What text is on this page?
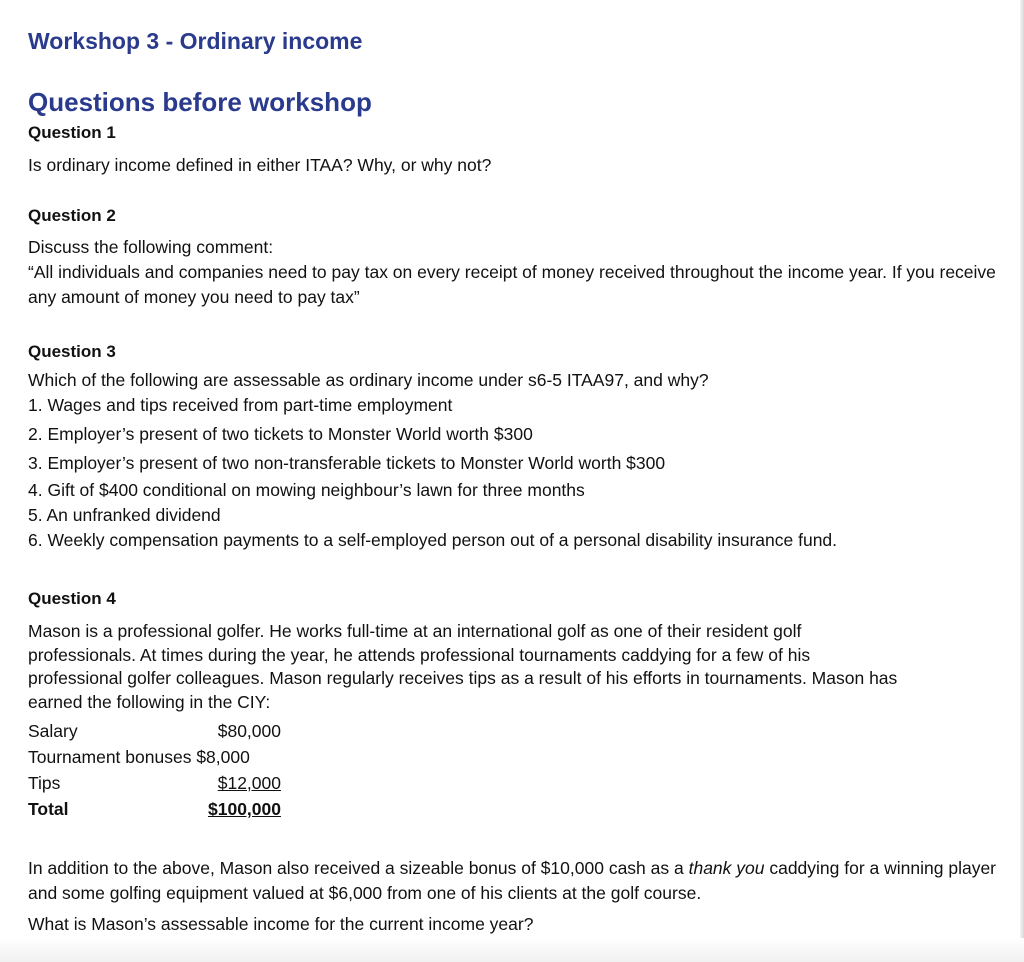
Workshop 3 - Ordinary income
Questions before workshop
Question 1

Is ordinary income defined in either ITAA? Why, or why not?

Question 2

Discuss the following comment:

“All individuals and companies need to pay tax on every receipt of money received throughout the income year. If you receive any amount of money you need to pay tax”

Question 3

Which of the following are assessable as ordinary income under s6-5 ITAA97, and why?

1. Wages and tips received from part-time employment
2. Employer’s present of two tickets to Monster World worth $300
3. Employer’s present of two non-transferable tickets to Monster World worth $300
4. Gift of $400 conditional on mowing neighbour’s lawn for three months
5. An unfranked dividend
6. Weekly compensation payments to a self-employed person out of a personal disability insurance fund.
Question 4

Mason is a professional golfer. He works full-time at an international golf as one of their resident golf professionals. At times during the year, he attends professional tournaments caddying for a few of his professional golfer colleagues. Mason regularly receives tips as a result of his efforts in tournaments. Mason has earned the following in the CIY:

Salary	$80,000
Tournament bonuses $8,000	
Tips	$12,000
Total	$100,000

In addition to the above, Mason also received a sizeable bonus of $10,000 cash as a thank you caddying for a winning player and some golfing equipment valued at $6,000 from one of his clients at the golf course.

What is Mason’s assessable income for the current income year?
